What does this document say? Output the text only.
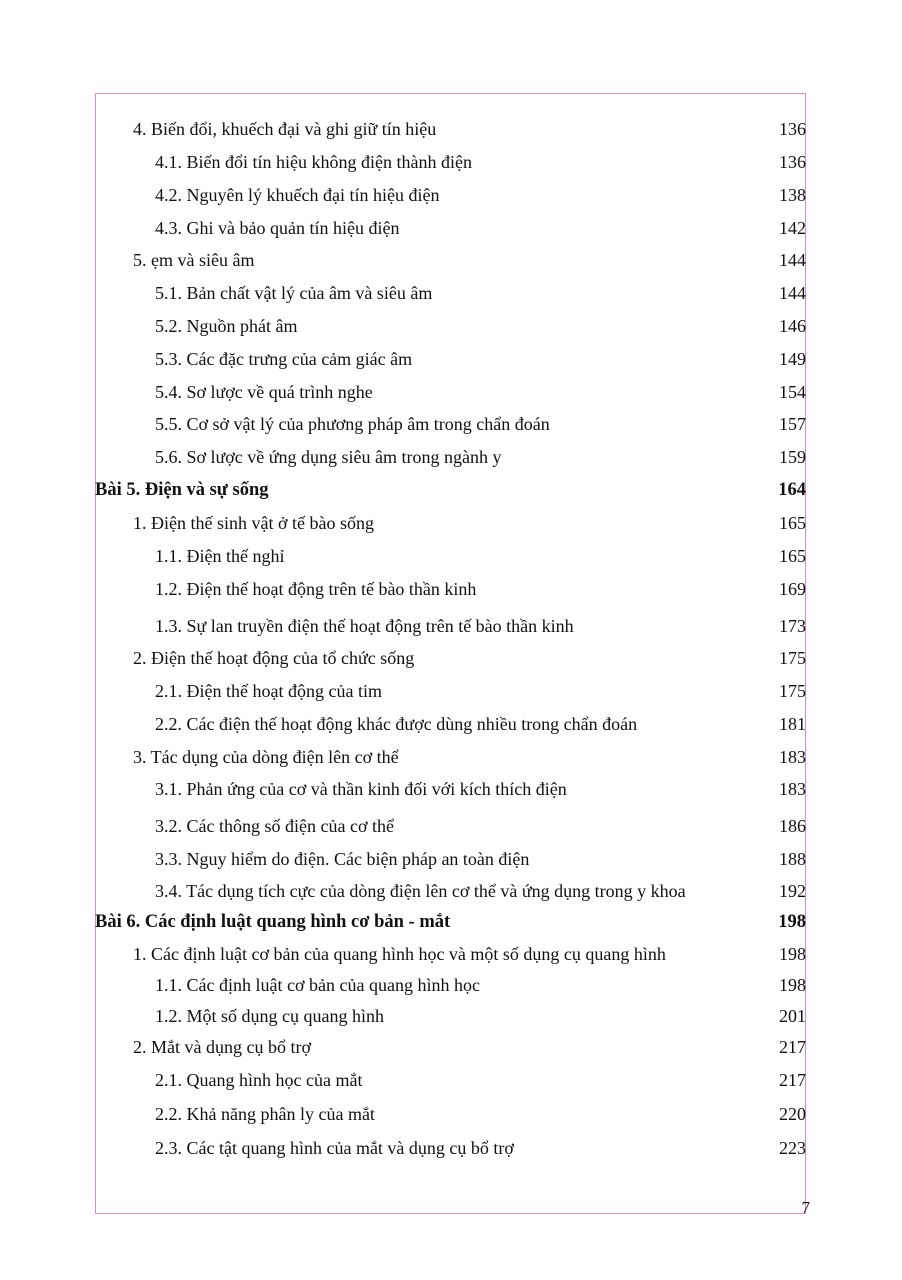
4. Biến đổi, khuếch đại và ghi giữ tín hiệu	136
4.1. Biến đổi tín hiệu không điện thành điện	136
4.2. Nguyên lý khuếch đại tín hiệu điện	138
4.3. Ghi và bảo quản tín hiệu điện	142
5. ẹm và siêu âm	144
5.1. Bản chất vật lý của âm và siêu âm	144
5.2. Nguồn phát âm	146
5.3. Các đặc trưng của cảm giác âm	149
5.4. Sơ lược về quá trình nghe	154
5.5. Cơ sở vật lý của phương pháp âm trong chẩn đoán	157
5.6. Sơ lược về ứng dụng siêu âm trong ngành y	159
Bài 5. Điện và sự sống	164
1. Điện thế sinh vật ở tế bào sống	165
1.1. Điện thế nghỉ	165
1.2. Điện thế hoạt động trên tế bào thần kinh	169
1.3. Sự lan truyền điện thế hoạt động trên tế bào thần kinh	173
2. Điện thế hoạt động của tổ chức sống	175
2.1. Điện thế hoạt động của tim	175
2.2. Các điện thế hoạt động khác được dùng nhiều trong chẩn đoán	181
3. Tác dụng của dòng điện lên cơ thể	183
3.1. Phản ứng của cơ và thần kinh đối với kích thích điện	183
3.2. Các thông số điện của cơ thể	186
3.3. Nguy hiểm do điện. Các biện pháp an toàn điện	188
3.4. Tác dụng tích cực của dòng điện lên cơ thể và ứng dụng trong y khoa	192
Bài 6. Các định luật quang hình cơ bản - mắt	198
1. Các định luật cơ bản của quang hình học và một số dụng cụ quang hình	198
1.1. Các định luật cơ bản của quang hình học	198
1.2. Một số dụng cụ quang hình	201
2. Mắt và dụng cụ bổ trợ	217
2.1. Quang hình học của mắt	217
2.2. Khả năng phân ly của mắt	220
2.3. Các tật quang hình của mắt và dụng cụ bổ trợ	223
7
